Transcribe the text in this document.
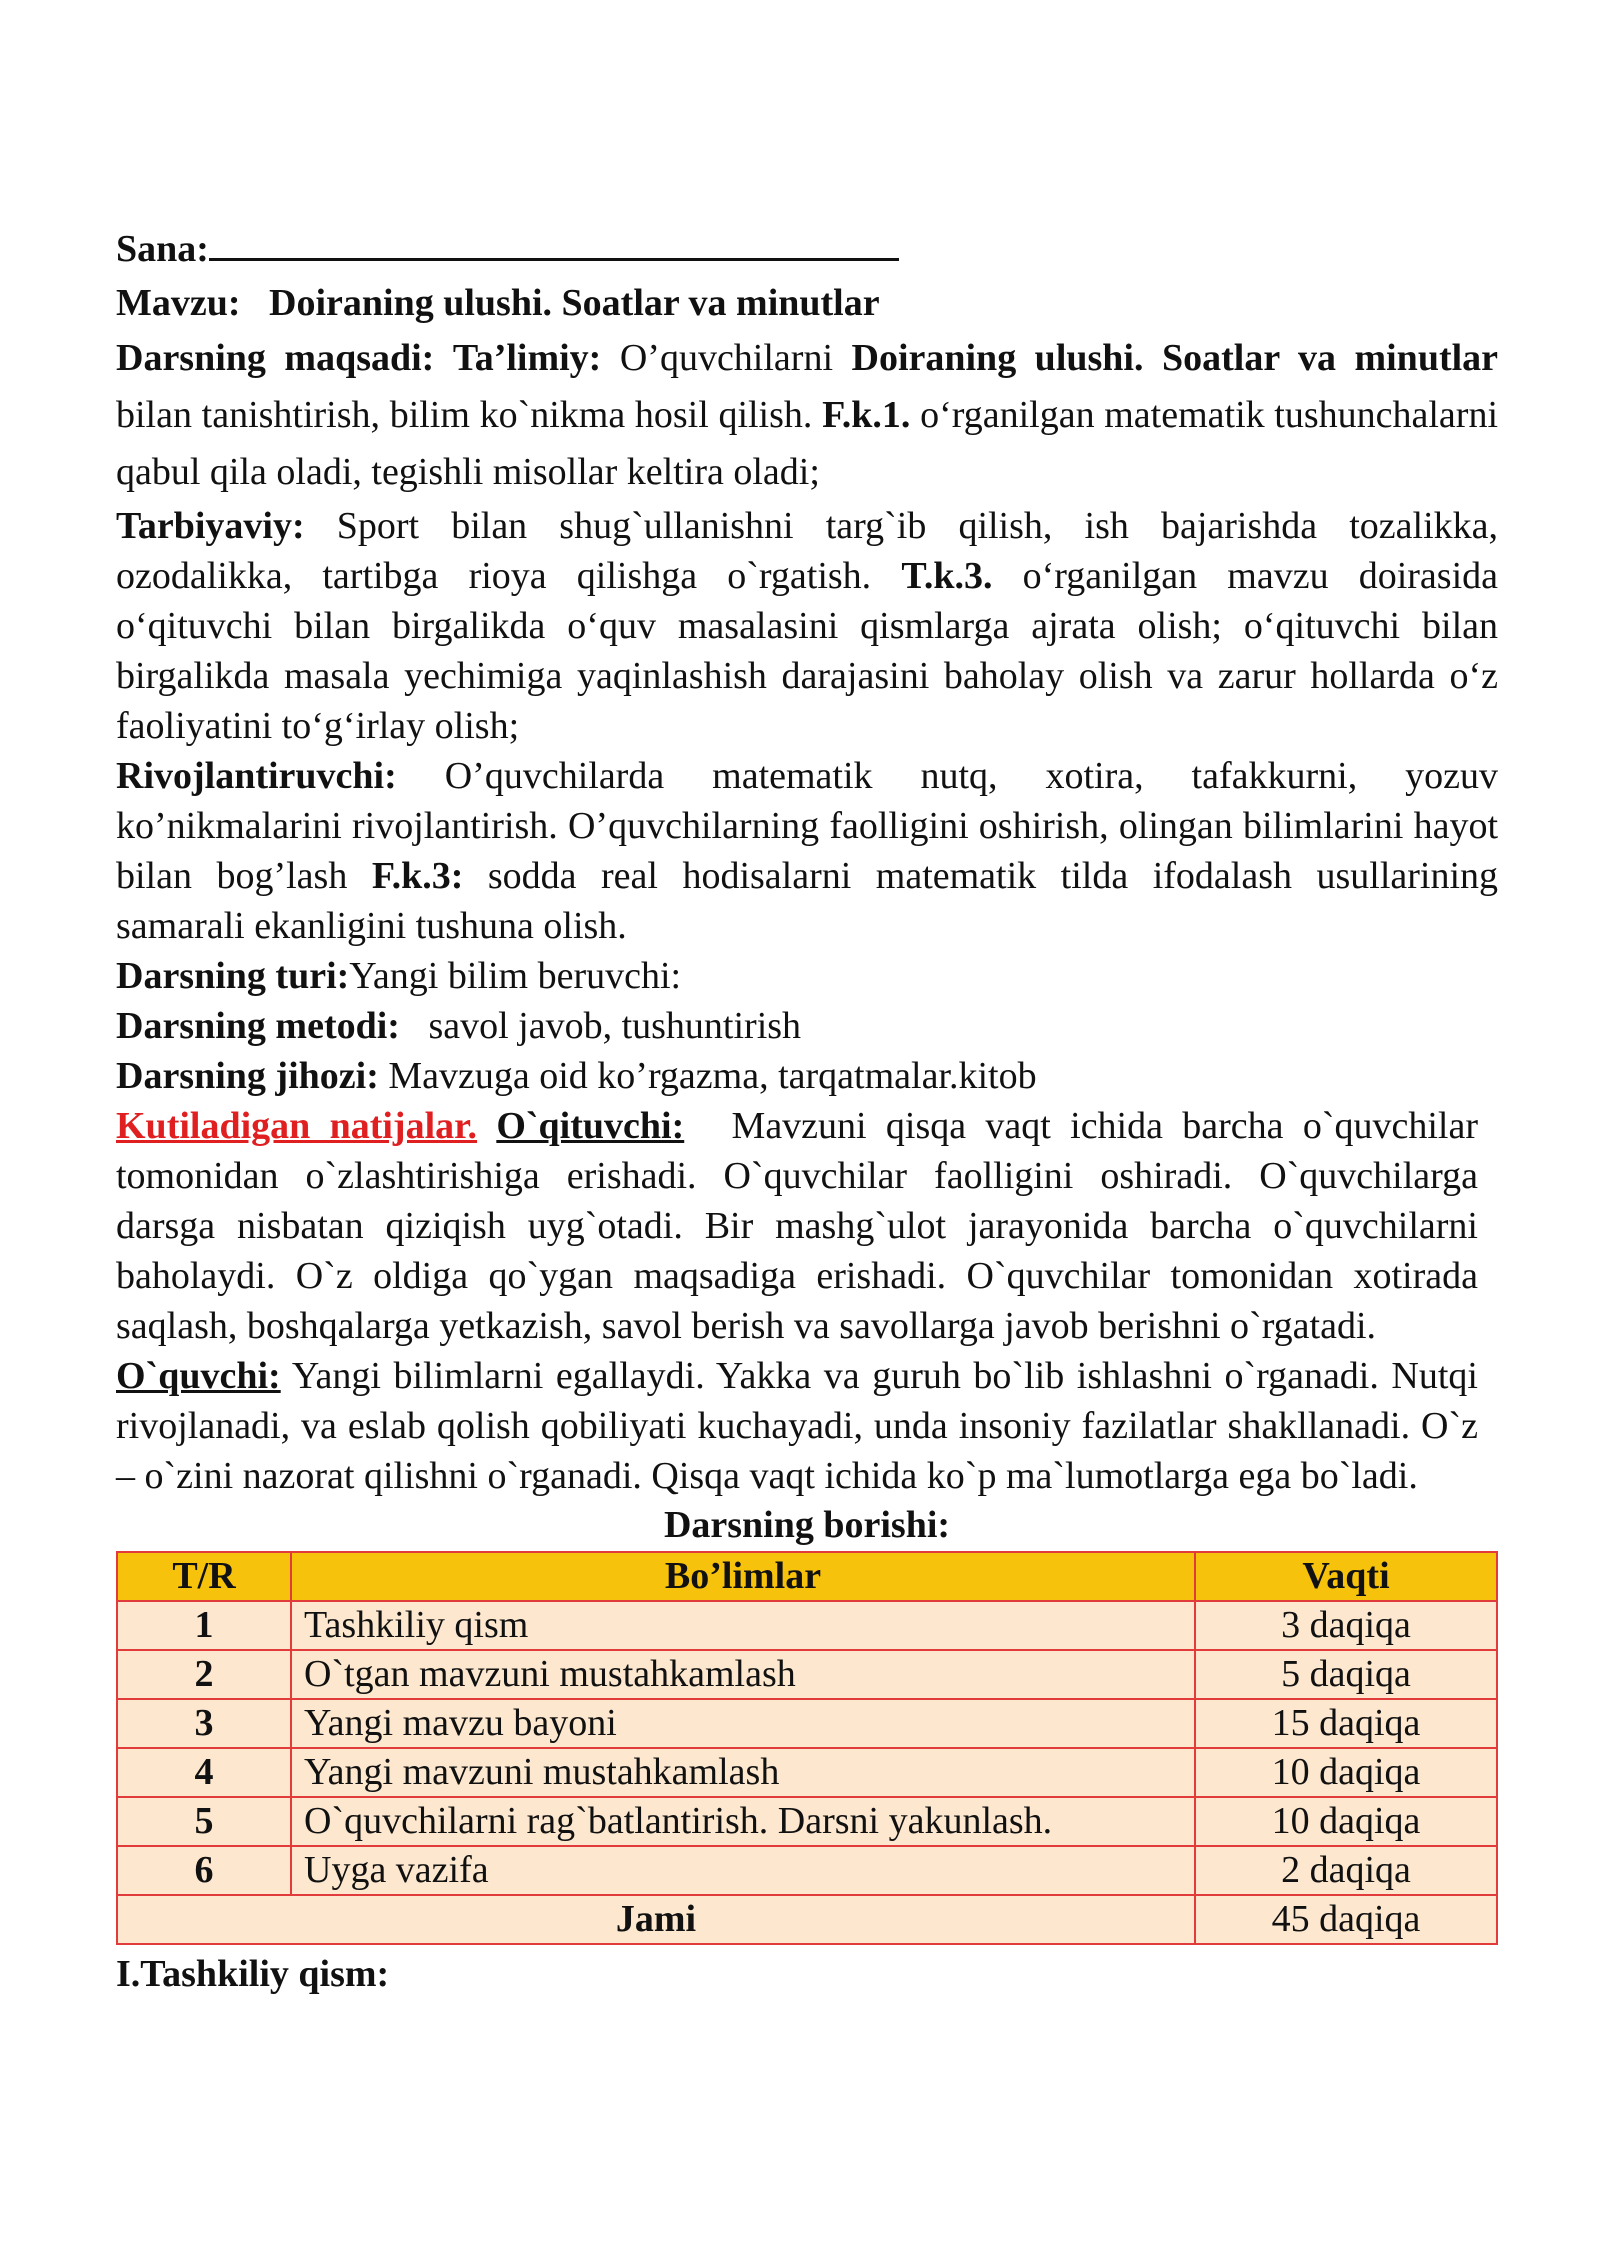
Sana:

Mavzu: Doiraning ulushi. Soatlar va minutlar

Darsning maqsadi: Ta’limiy: O’quvchilarni Doiraning ulushi. Soatlar va minutlar bilan tanishtirish, bilim ko`nikma hosil qilish. F.k.1. o‘rganilgan matematik tushunchalarni qabul qila oladi, tegishli misollar keltira oladi;

Tarbiyaviy: Sport bilan shug`ullanishni targ`ib qilish, ish bajarishda tozalikka, ozodalikka, tartibga rioya qilishga o`rgatish. T.k.3. o‘rganilgan mavzu doirasida o‘qituvchi bilan birgalikda o‘quv masalasini qismlarga ajrata olish; o‘qituvchi bilan birgalikda masala yechimiga yaqinlashish darajasini baholay olish va zarur hollarda o‘z faoliyatini to‘g‘irlay olish;

Rivojlantiruvchi: O’quvchilarda matematik nutq, xotira, tafakkurni, yozuv ko’nikmalarini rivojlantirish. O’quvchilarning faolligini oshirish, olingan bilimlarini hayot bilan bog’lash F.k.3: sodda real hodisalarni matematik tilda ifodalash usullarining samarali ekanligini tushuna olish.

Darsning turi:Yangi bilim beruvchi:

Darsning metodi: savol javob, tushuntirish

Darsning jihozi: Mavzuga oid ko’rgazma, tarqatmalar.kitob

Kutiladigan natijalar. O`qituvchi: Mavzuni qisqa vaqt ichida barcha o`quvchilar tomonidan o`zlashtirishiga erishadi. O`quvchilar faolligini oshiradi. O`quvchilarga darsga nisbatan qiziqish uyg`otadi. Bir mashg`ulot jarayonida barcha o`quvchilarni baholaydi. O`z oldiga qo`ygan maqsadiga erishadi. O`quvchilar tomonidan xotirada saqlash, boshqalarga yetkazish, savol berish va savollarga javob berishni o`rgatadi.

O`quvchi: Yangi bilimlarni egallaydi. Yakka va guruh bo`lib ishlashni o`rganadi. Nutqi rivojlanadi, va eslab qolish qobiliyati kuchayadi, unda insoniy fazilatlar shakllanadi. O`z – o`zini nazorat qilishni o`rganadi. Qisqa vaqt ichida ko`p ma`lumotlarga ega bo`ladi.

Darsning borishi:

T/R	Bo’limlar	Vaqti
1	Tashkiliy qism	3 daqiqa
2	O`tgan mavzuni mustahkamlash	5 daqiqa
3	Yangi mavzu bayoni	15 daqiqa
4	Yangi mavzuni mustahkamlash	10 daqiqa
5	O`quvchilarni rag`batlantirish. Darsni yakunlash.	10 daqiqa
6	Uyga vazifa	2 daqiqa
Jami		45 daqiqa

I.Tashkiliy qism:
